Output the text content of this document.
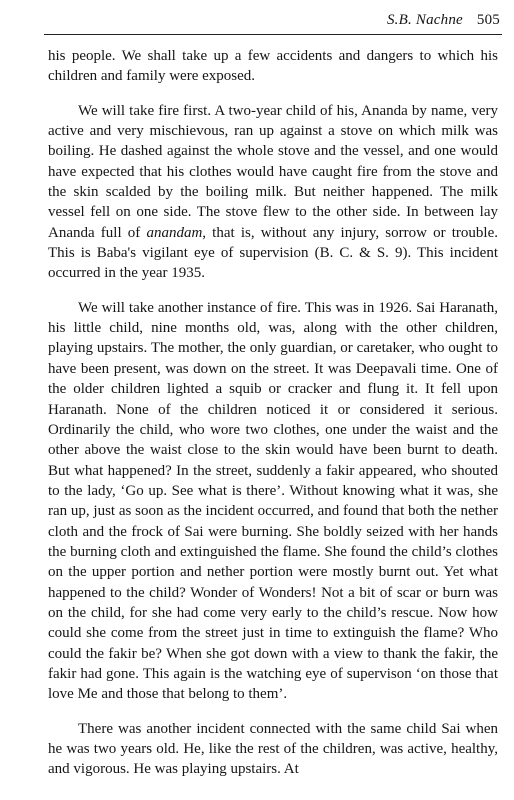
S.B. Nachne 505

his people. We shall take up a few accidents and dangers to which his children and family were exposed.

We will take fire first. A two-year child of his, Ananda by name, very active and very mischievous, ran up against a stove on which milk was boiling. He dashed against the whole stove and the vessel, and one would have expected that his clothes would have caught fire from the stove and the skin scalded by the boiling milk. But neither happened. The milk vessel fell on one side. The stove flew to the other side. In between lay Ananda full of anandam, that is, without any injury, sorrow or trouble. This is Baba's vigilant eye of supervision (B. C. & S. 9). This incident occurred in the year 1935.

We will take another instance of fire. This was in 1926. Sai Haranath, his little child, nine months old, was, along with the other children, playing upstairs. The mother, the only guardian, or caretaker, who ought to have been present, was down on the street. It was Deepavali time. One of the older children lighted a squib or cracker and flung it. It fell upon Haranath. None of the children noticed it or considered it serious. Ordinarily the child, who wore two clothes, one under the waist and the other above the waist close to the skin would have been burnt to death. But what happened? In the street, suddenly a fakir appeared, who shouted to the lady, ‘Go up. See what is there’. Without knowing what it was, she ran up, just as soon as the incident occurred, and found that both the nether cloth and the frock of Sai were burning. She boldly seized with her hands the burning cloth and extinguished the flame. She found the child’s clothes on the upper portion and nether portion were mostly burnt out. Yet what happened to the child? Wonder of Wonders! Not a bit of scar or burn was on the child, for she had come very early to the child’s rescue. Now how could she come from the street just in time to extinguish the flame? Who could the fakir be? When she got down with a view to thank the fakir, the fakir had gone. This again is the watching eye of supervison ‘on those that love Me and those that belong to them’.

There was another incident connected with the same child Sai when he was two years old. He, like the rest of the children, was active, healthy, and vigorous. He was playing upstairs. At
